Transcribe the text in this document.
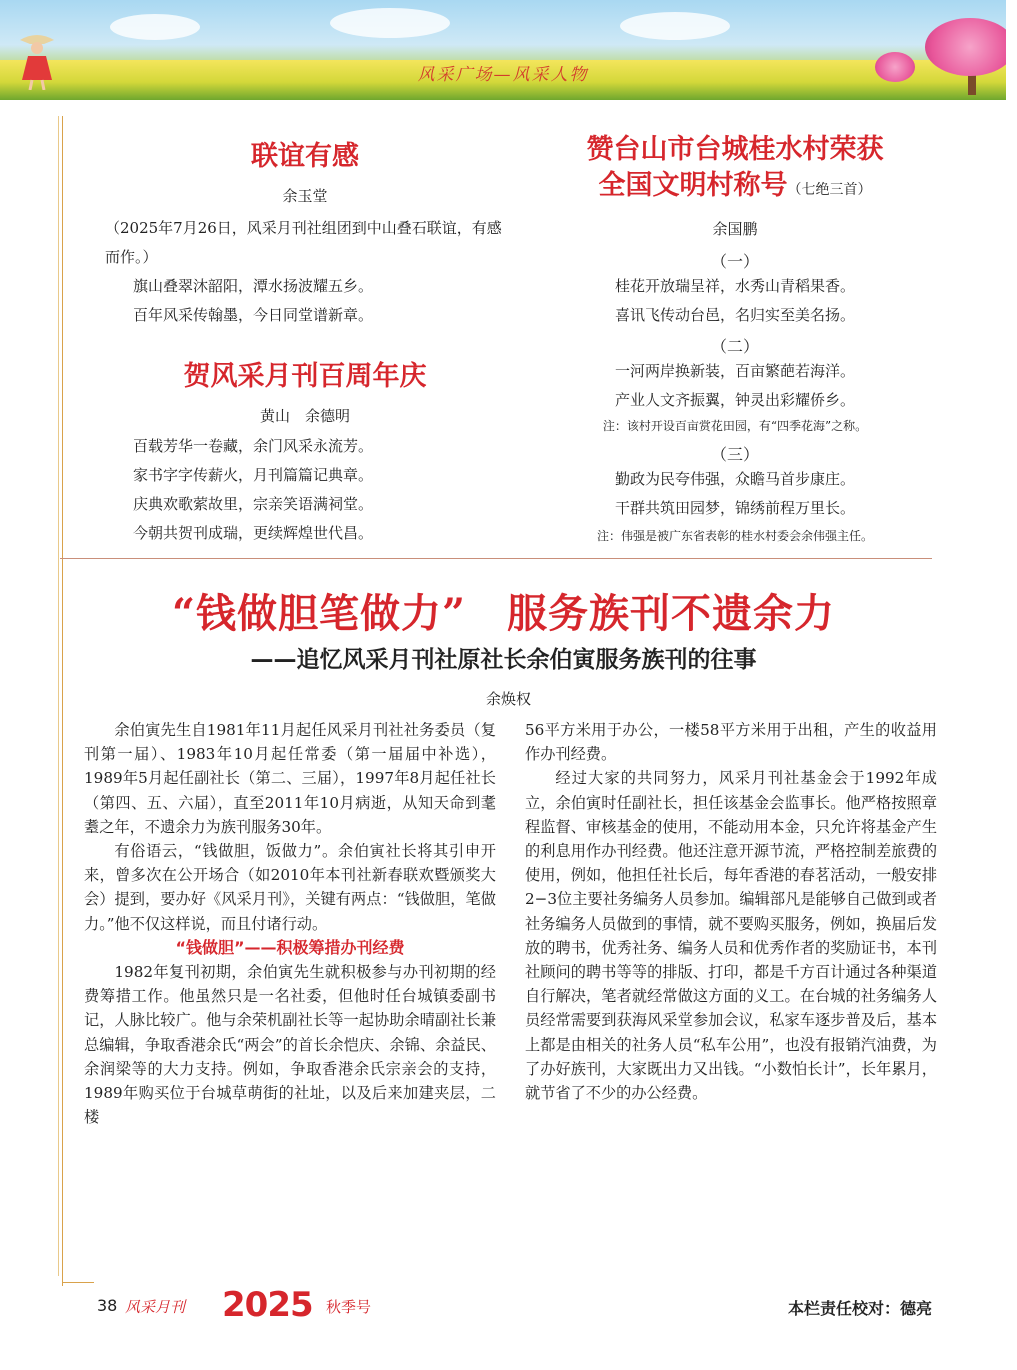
风采广场—风采人物
联谊有感

余玉堂

（2025年7月26日，风采月刊社组团到中山叠石联谊，有感而作。）

旗山叠翠沐韶阳，潭水扬波耀五乡。

百年风采传翰墨，今日同堂谱新章。

贺风采月刊百周年庆

黄山　余德明

百载芳华一卷藏，余门风采永流芳。

家书字字传薪火，月刊篇篇记典章。

庆典欢歌萦故里，宗亲笑语满祠堂。

今朝共贺刊成瑞，更续辉煌世代昌。

赞台山市台城桂水村荣获
全国文明村称号（七绝三首）

余国鹏

（一）

桂花开放瑞呈祥，水秀山青稻果香。

喜讯飞传动台邑，名归实至美名扬。

（二）

一河两岸换新装，百亩繁葩若海洋。

产业人文齐振翼，钟灵出彩耀侨乡。

注：该村开设百亩赏花田园，有“四季花海”之称。

（三）

勤政为民夸伟强，众瞻马首步康庄。

干群共筑田园梦，锦绣前程万里长。

注：伟强是被广东省表彰的桂水村委会余伟强主任。

“钱做胆笔做力”　服务族刊不遗余力
——追忆风采月刊社原社长余伯寅服务族刊的往事
余焕权

余伯寅先生自1981年11月起任风采月刊社社务委员（复刊第一届）、1983年10月起任常委（第一届届中补选），1989年5月起任副社长（第二、三届），1997年8月起任社长（第四、五、六届），直至2011年10月病逝，从知天命到耄耋之年，不遗余力为族刊服务30年。

有俗语云，“钱做胆，饭做力”。余伯寅社长将其引申开来，曾多次在公开场合（如2010年本刊社新春联欢暨颁奖大会）提到，要办好《风采月刊》，关键有两点：“钱做胆，笔做力。”他不仅这样说，而且付诸行动。

“钱做胆”——积极筹措办刊经费

1982年复刊初期，余伯寅先生就积极参与办刊初期的经费筹措工作。他虽然只是一名社委，但他时任台城镇委副书记，人脉比较广。他与余荣机副社长等一起协助余晴副社长兼总编辑，争取香港余氏“两会”的首长余恺庆、余锦、余益民、余润梁等的大力支持。例如，争取香港余氏宗亲会的支持，1989年购买位于台城草萌街的社址，以及后来加建夹层，二楼

56平方米用于办公，一楼58平方米用于出租，产生的收益用作办刊经费。

经过大家的共同努力，风采月刊社基金会于1992年成立，余伯寅时任副社长，担任该基金会监事长。他严格按照章程监督、审核基金的使用，不能动用本金，只允许将基金产生的利息用作办刊经费。他还注意开源节流，严格控制差旅费的使用，例如，他担任社长后，每年香港的春茗活动，一般安排2−3位主要社务编务人员参加。编辑部凡是能够自己做到或者社务编务人员做到的事情，就不要购买服务，例如，换届后发放的聘书，优秀社务、编务人员和优秀作者的奖励证书，本刊社顾问的聘书等等的排版、打印，都是千方百计通过各种渠道自行解决，笔者就经常做这方面的义工。在台城的社务编务人员经常需要到获海风采堂参加会议，私家车逐步普及后，基本上都是由相关的社务人员“私车公用”，也没有报销汽油费，为了办好族刊，大家既出力又出钱。“小数怕长计”，长年累月，就节省了不少的办公经费。

38 风采月刊 2025 秋季号	本栏责任校对：德亮
